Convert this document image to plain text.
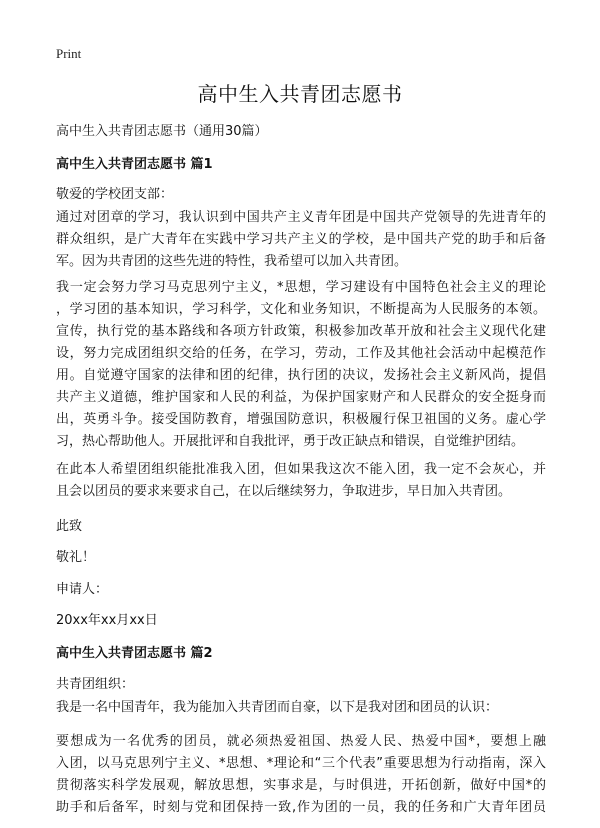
Print
高中生入共青团志愿书

高中生入共青团志愿书（通用30篇）

高中生入共青团志愿书 篇1

敬爱的学校团支部：

通过对团章的学习，我认识到中国共产主义青年团是中国共产党领导的先进青年的
群众组织，是广大青年在实践中学习共产主义的学校，是中国共产党的助手和后备
军。因为共青团的这些先进的特性，我希望可以加入共青团。
我一定会努力学习马克思列宁主义，*思想，学习建设有中国特色社会主义的理论
，学习团的基本知识，学习科学，文化和业务知识，不断提高为人民服务的本领。
宣传，执行党的基本路线和各项方针政策，积极参加改革开放和社会主义现代化建
设，努力完成团组织交给的任务，在学习，劳动，工作及其他社会活动中起模范作
用。自觉遵守国家的法律和团的纪律，执行团的决议，发扬社会主义新风尚，提倡
共产主义道德，维护国家和人民的利益，为保护国家财产和人民群众的安全挺身而
出，英勇斗争。接受国防教育，增强国防意识，积极履行保卫祖国的义务。虚心学
习，热心帮助他人。开展批评和自我批评，勇于改正缺点和错误，自觉维护团结。
在此本人希望团组织能批准我入团，但如果我这次不能入团，我一定不会灰心，并
且会以团员的要求来要求自己，在以后继续努力，争取进步，早日加入共青团。

此致

敬礼！

申请人：

20xx年xx月xx日

高中生入共青团志愿书 篇2

共青团组织：

我是一名中国青年，我为能加入共青团而自豪，以下是我对团和团员的认识：
要想成为一名优秀的团员，就必须热爱祖国、热爱人民、热爱中国*，要想上融
入团，以马克思列宁主义、*思想、*理论和“三个代表”重要思想为行动指南，深入
贯彻落实科学发展观，解放思想，实事求是，与时俱进，开拓创新，做好中国*的
助手和后备军，时刻与党和团保持一致,作为团的一员，我的任务和广大青年团员
